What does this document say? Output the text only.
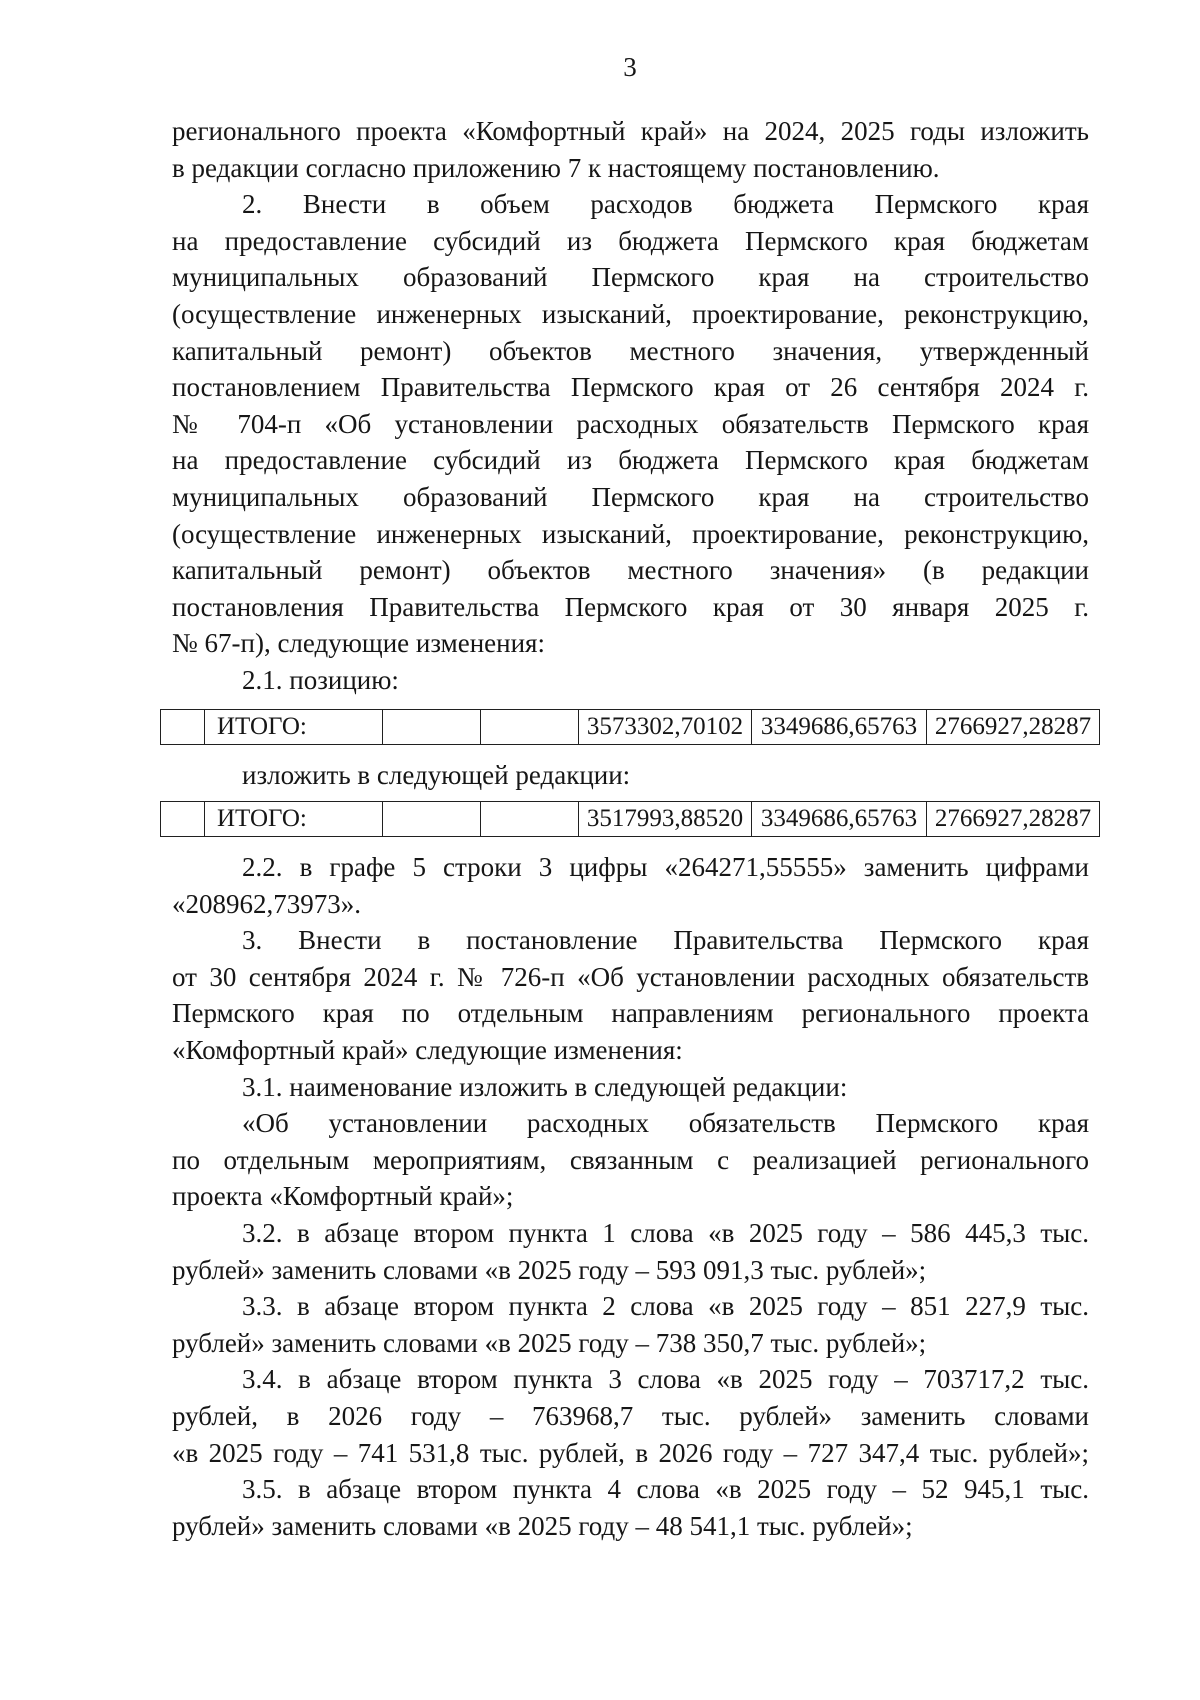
3
регионального проекта «Комфортный край» на 2024, 2025 годы изложить
в редакции согласно приложению 7 к настоящему постановлению.
2. Внести в объем расходов бюджета Пермского края
на предоставление субсидий из бюджета Пермского края бюджетам
муниципальных образований Пермского края на строительство
(осуществление инженерных изысканий, проектирование, реконструкцию,
капитальный ремонт) объектов местного значения, утвержденный
постановлением Правительства Пермского края от 26 сентября 2024 г.
№ 704-п «Об установлении расходных обязательств Пермского края
на предоставление субсидий из бюджета Пермского края бюджетам
муниципальных образований Пермского края на строительство
(осуществление инженерных изысканий, проектирование, реконструкцию,
капитальный ремонт) объектов местного значения» (в редакции
постановления Правительства Пермского края от 30 января 2025 г.
№ 67-п), следующие изменения:
2.1. позицию:
	ИТОГО:			3573302,70102	3349686,65763	2766927,28287
изложить в следующей редакции:
	ИТОГО:			3517993,88520	3349686,65763	2766927,28287
2.2. в графе 5 строки 3 цифры «264271,55555» заменить цифрами
«208962,73973».
3. Внести в постановление Правительства Пермского края
от 30 сентября 2024 г. № 726-п «Об установлении расходных обязательств
Пермского края по отдельным направлениям регионального проекта
«Комфортный край» следующие изменения:
3.1. наименование изложить в следующей редакции:
«Об установлении расходных обязательств Пермского края
по отдельным мероприятиям, связанным с реализацией регионального
проекта «Комфортный край»;
3.2. в абзаце втором пункта 1 слова «в 2025 году – 586 445,3 тыс.
рублей» заменить словами «в 2025 году – 593 091,3 тыс. рублей»;
3.3. в абзаце втором пункта 2 слова «в 2025 году – 851 227,9 тыс.
рублей» заменить словами «в 2025 году – 738 350,7 тыс. рублей»;
3.4. в абзаце втором пункта 3 слова «в 2025 году – 703717,2 тыс.
рублей, в 2026 году – 763968,7 тыс. рублей» заменить словами
«в 2025 году – 741 531,8 тыс. рублей, в 2026 году – 727 347,4 тыс. рублей»;
3.5. в абзаце втором пункта 4 слова «в 2025 году – 52 945,1 тыс.
рублей» заменить словами «в 2025 году – 48 541,1 тыс. рублей»;
